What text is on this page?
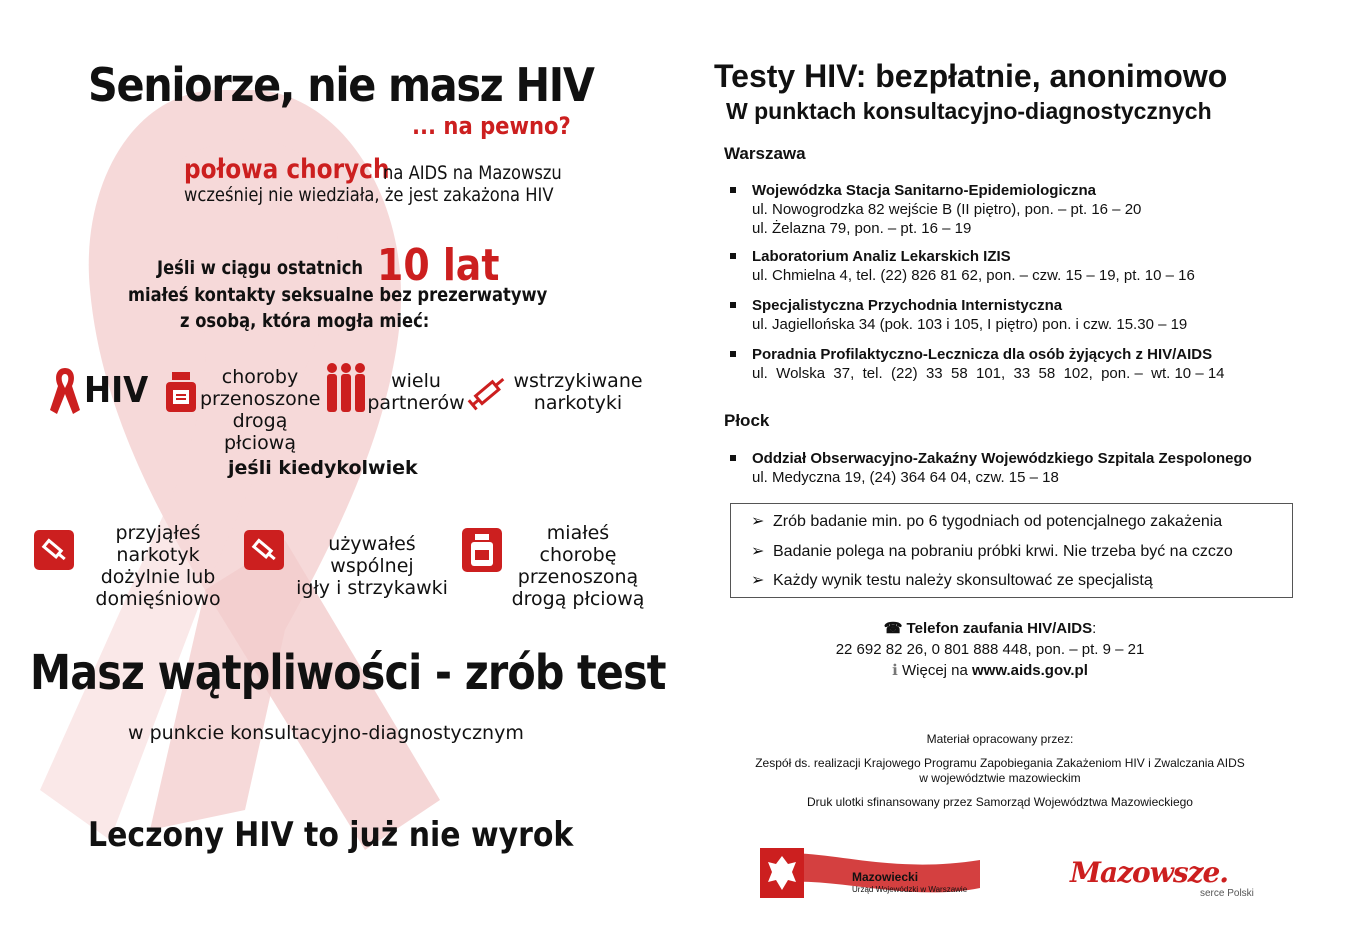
Seniorze, nie masz HIV
... na pewno?
połowa chorych
na AIDS na Mazowszu
wcześniej nie wiedziała, że jest zakażona HIV
Jeśli w ciągu ostatnich 10 lat
miałeś kontakty seksualne bez prezerwatywy
z osobą, która mogła mieć:
HIV	choroby
przenoszone
drogą płciową
wielu
partnerów
wstrzykiwane
narkotyki
jeśli kiedykolwiek
przyjąłeś narkotyk
dożylnie lub
domięśniowo
używałeś wspólnej
igły i strzykawki
miałeś chorobę
przenoszoną
drogą płciową
Masz wątpliwości - zrób test
w punkcie konsultacyjno-diagnostycznym
Leczony HIV to już nie wyrok
Testy HIV: bezpłatnie, anonimowo
W punktach konsultacyjno-diagnostycznych
Warszawa
Wojewódzka Stacja Sanitarno-Epidemiologiczna
ul. Nowogrodzka 82 wejście B (II piętro), pon. – pt. 16 – 20
ul. Żelazna 79, pon. – pt. 16 – 19
Laboratorium Analiz Lekarskich IZIS
ul. Chmielna 4, tel. (22) 826 81 62, pon. – czw. 15 – 19, pt. 10 – 16
Specjalistyczna Przychodnia Internistyczna
ul. Jagiellońska 34 (pok. 103 i 105, I piętro) pon. i czw. 15.30 – 19
Poradnia Profilaktyczno-Lecznicza dla osób żyjących z HIV/AIDS
ul.  Wolska  37,  tel.  (22)  33  58  101,  33  58  102,  pon. –  wt. 10 – 14
Płock
Oddział Obserwacyjno-Zakaźny Wojewódzkiego Szpitala Zespolonego
ul. Medyczna 19, (24) 364 64 04, czw. 15 – 18
➢ Zrób badanie min. po 6 tygodniach od potencjalnego zakażenia
➢ Badanie polega na pobraniu próbki krwi. Nie trzeba być na czczo
➢ Każdy wynik testu należy skonsultować ze specjalistą
☎ Telefon zaufania HIV/AIDS:
22 692 82 26, 0 801 888 448, pon. – pt. 9 – 21
ℹ Więcej na www.aids.gov.pl
Materiał opracowany przez:
Zespół ds. realizacji Krajowego Programu Zapobiegania Zakażeniom HIV i Zwalczania AIDS
w województwie mazowieckim
Druk ulotki sfinansowany przez Samorząd Województwa Mazowieckiego
Mazowiecki
Urząd Wojewódzki w Warszawie
Mazowsze.
serce Polski
